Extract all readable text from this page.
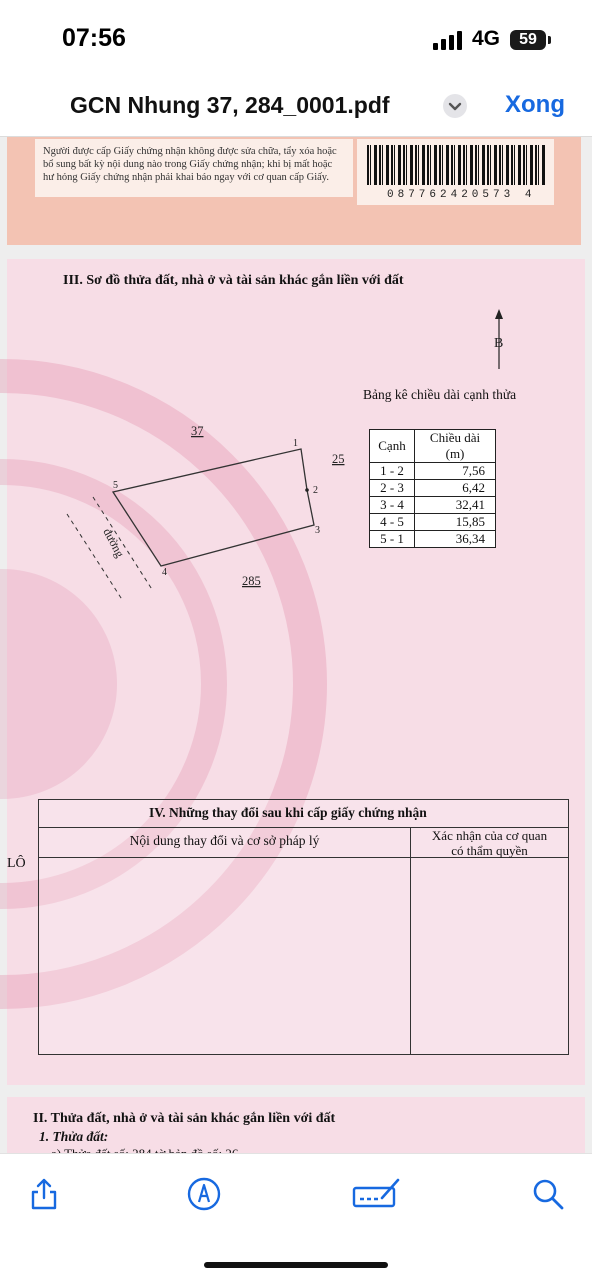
07:56	4G	59
GCN Nhung 37, 284_0001.pdf	Xong
Người được cấp Giấy chứng nhận không được sửa chữa, tẩy xóa hoặc bổ sung bất kỳ nội dung nào trong Giấy chứng nhận; khi bị mất hoặc hư hỏng Giấy chứng nhận phải khai báo ngay với cơ quan cấp Giấy.
087762420573 4
III. Sơ đồ thửa đất, nhà ở và tài sản khác gắn liền với đất
B
Bảng kê chiều dài cạnh thửa
Cạnh	Chiều dài (m)
1 - 2	7,56
2 - 3	6,42
3 - 4	32,41
4 - 5	15,85
5 - 1	36,34
1
2
3
4
5
37
25
285
đường
LÔ
IV. Những thay đổi sau khi cấp giấy chứng nhận
Nội dung thay đổi và cơ sở pháp lý	Xác nhận của cơ quan
có thẩm quyền
II. Thửa đất, nhà ở và tài sản khác gắn liền với đất
1. Thửa đất:
